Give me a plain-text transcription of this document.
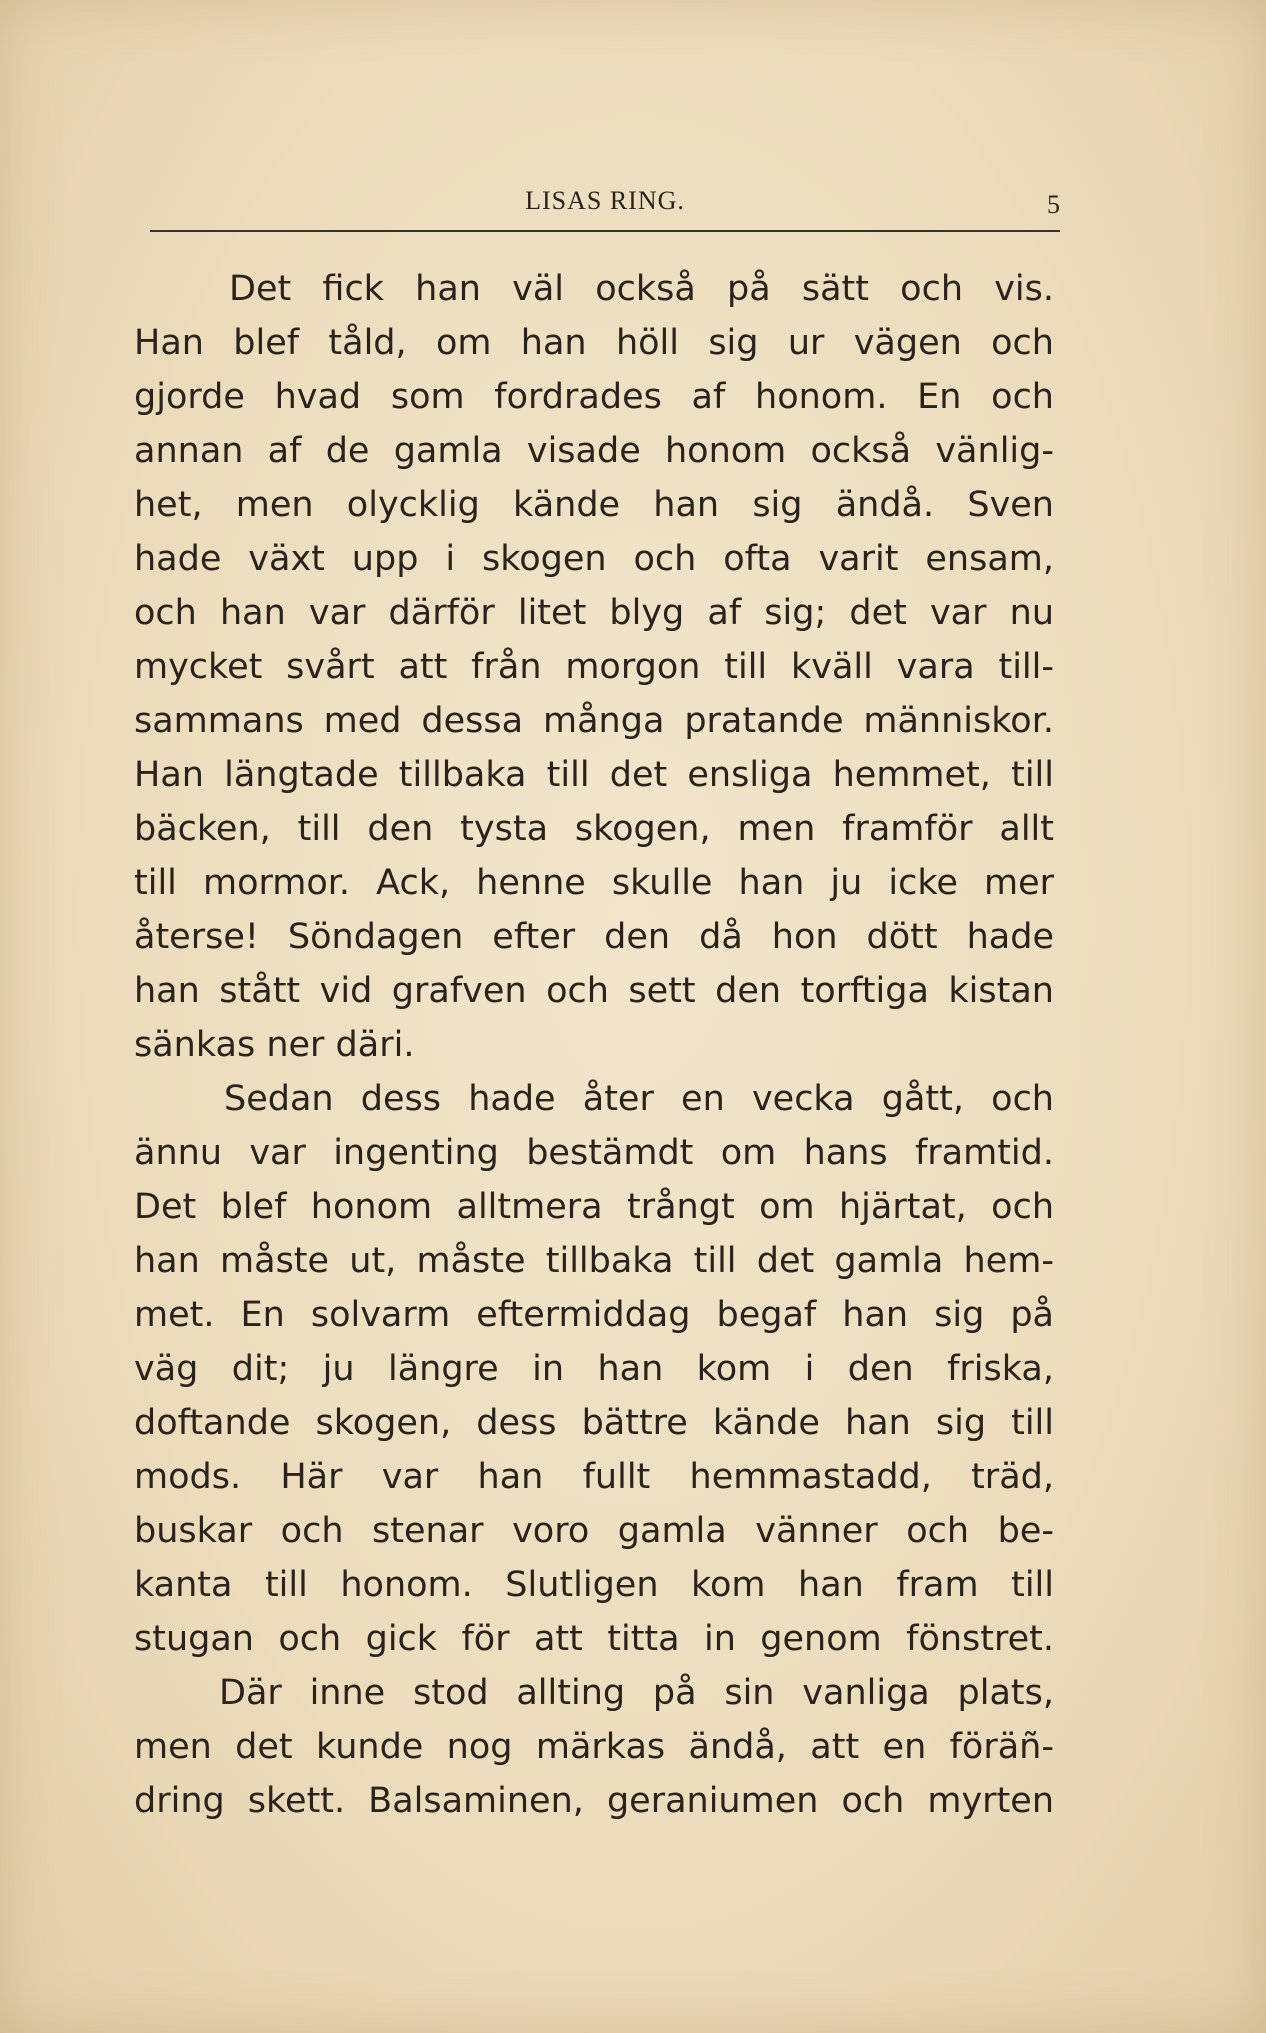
LISAS RING.	5
Det fick han väl också på sätt och vis.
Han blef tåld, om han höll sig ur vägen och
gjorde hvad som fordrades af honom. En och
annan af de gamla visade honom också vänlig-
het, men olycklig kände han sig ändå. Sven
hade växt upp i skogen och ofta varit ensam,
och han var därför litet blyg af sig; det var nu
mycket svårt att från morgon till kväll vara till-
sammans med dessa många pratande människor.
Han längtade tillbaka till det ensliga hemmet, till
bäcken, till den tysta skogen, men framför allt
till mormor. Ack, henne skulle han ju icke mer
återse! Söndagen efter den då hon dött hade
han stått vid grafven och sett den torftiga kistan
sänkas ner däri.
Sedan dess hade åter en vecka gått, och
ännu var ingenting bestämdt om hans framtid.
Det blef honom alltmera trångt om hjärtat, och
han måste ut, måste tillbaka till det gamla hem-
met. En solvarm eftermiddag begaf han sig på
väg dit; ju längre in han kom i den friska,
doftande skogen, dess bättre kände han sig till
mods. Här var han fullt hemmastadd, träd,
buskar och stenar voro gamla vänner och be-
kanta till honom. Slutligen kom han fram till
stugan och gick för att titta in genom fönstret.
Där inne stod allting på sin vanliga plats,
men det kunde nog märkas ändå, att en föräñ-
dring skett. Balsaminen, geraniumen och myrten
